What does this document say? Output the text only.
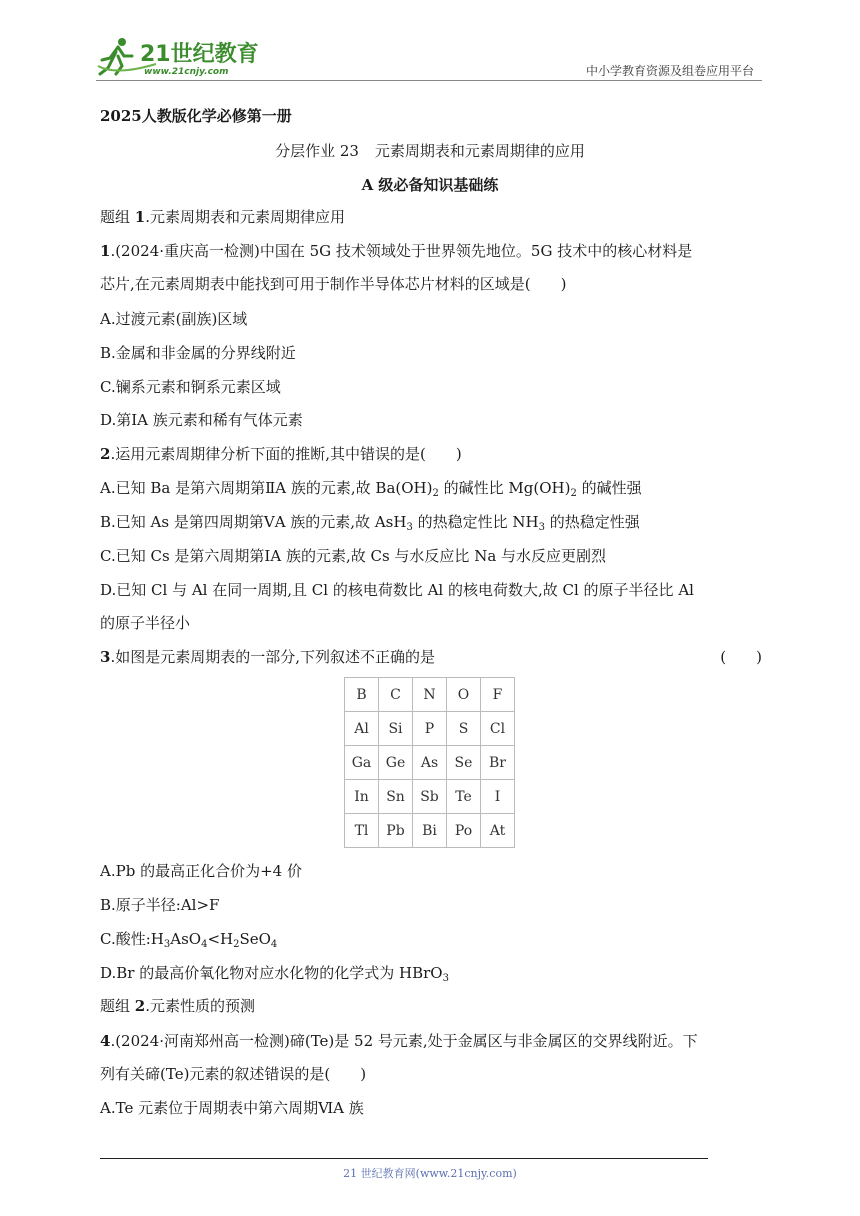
21世纪教育
www.21cnjy.com	中小学教育资源及组卷应用平台
2025人教版化学必修第一册
分层作业 23 元素周期表和元素周期律的应用
A 级必备知识基础练
题组 1.元素周期表和元素周期律应用
1.(2024·重庆高一检测)中国在 5G 技术领域处于世界领先地位。5G 技术中的核心材料是
芯片,在元素周期表中能找到可用于制作半导体芯片材料的区域是(　　)
A.过渡元素(副族)区域
B.金属和非金属的分界线附近
C.镧系元素和锕系元素区域
D.第ⅠA 族元素和稀有气体元素
2.运用元素周期律分析下面的推断,其中错误的是(　　)
A.已知 Ba 是第六周期第ⅡA 族的元素,故 $Ba(OH)_2$ 的碱性比 $Mg(OH)_2$ 的碱性强
B.已知 As 是第四周期第ⅤA 族的元素,故 AsH$_3$ 的热稳定性比 $NH_3$ 的热稳定性强
C.已知 Cs 是第六周期第ⅠA 族的元素,故 Cs 与水反应比 Na 与水反应更剧烈
D.已知 Cl 与 Al 在同一周期,且 Cl 的核电荷数比 Al 的核电荷数大,故 Cl 的原子半径比 Al
的原子半径小
3.如图是元素周期表的一部分,下列叙述不正确的是	(　　)
B	C	N	O	F
Al	Si	P	S	Cl
Ga	Ge	As	Se	Br
In	Sn	Sb	Te	I
Tl	Pb	Bi	Po	At
A.Pb 的最高正化合价为+4 价
B.原子半径:Al>F
C.酸性$:H_3AsO_4<H_2SeO_4$
D.Br 的最高价氧化物对应水化物的化学式为 HBrO$_3$
题组 2.元素性质的预测
4.(2024·河南郑州高一检测)碲(Te)是 52 号元素,处于金属区与非金属区的交界线附近。下
列有关碲(Te)元素的叙述错误的是(　　)
A.Te 元素位于周期表中第六周期ⅥA 族
21 世纪教育网(www.21cnjy.com)
